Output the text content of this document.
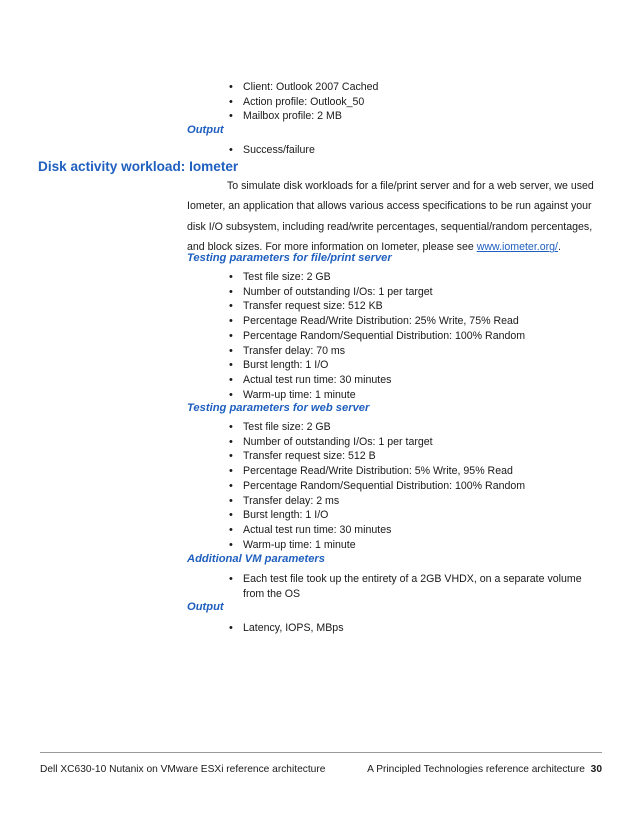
• Client: Outlook 2007 Cached
• Action profile: Outlook_50
• Mailbox profile: 2 MB
Output
• Success/failure
Disk activity workload: Iometer
To simulate disk workloads for a file/print server and for a web server, we used Iometer, an application that allows various access specifications to be run against your disk I/O subsystem, including read/write percentages, sequential/random percentages, and block sizes. For more information on Iometer, please see www.iometer.org/.
Testing parameters for file/print server
• Test file size: 2 GB
• Number of outstanding I/Os: 1 per target
• Transfer request size: 512 KB
• Percentage Read/Write Distribution: 25% Write, 75% Read
• Percentage Random/Sequential Distribution: 100% Random
• Transfer delay: 70 ms
• Burst length: 1 I/O
• Actual test run time: 30 minutes
• Warm-up time: 1 minute
Testing parameters for web server
• Test file size: 2 GB
• Number of outstanding I/Os: 1 per target
• Transfer request size: 512 B
• Percentage Read/Write Distribution: 5% Write, 95% Read
• Percentage Random/Sequential Distribution: 100% Random
• Transfer delay: 2 ms
• Burst length: 1 I/O
• Actual test run time: 30 minutes
• Warm-up time: 1 minute
Additional VM parameters
• Each test file took up the entirety of a 2GB VHDX, on a separate volume from the OS
Output
• Latency, IOPS, MBps
Dell XC630-10 Nutanix on VMware ESXi reference architecture	A Principled Technologies reference architecture 30
